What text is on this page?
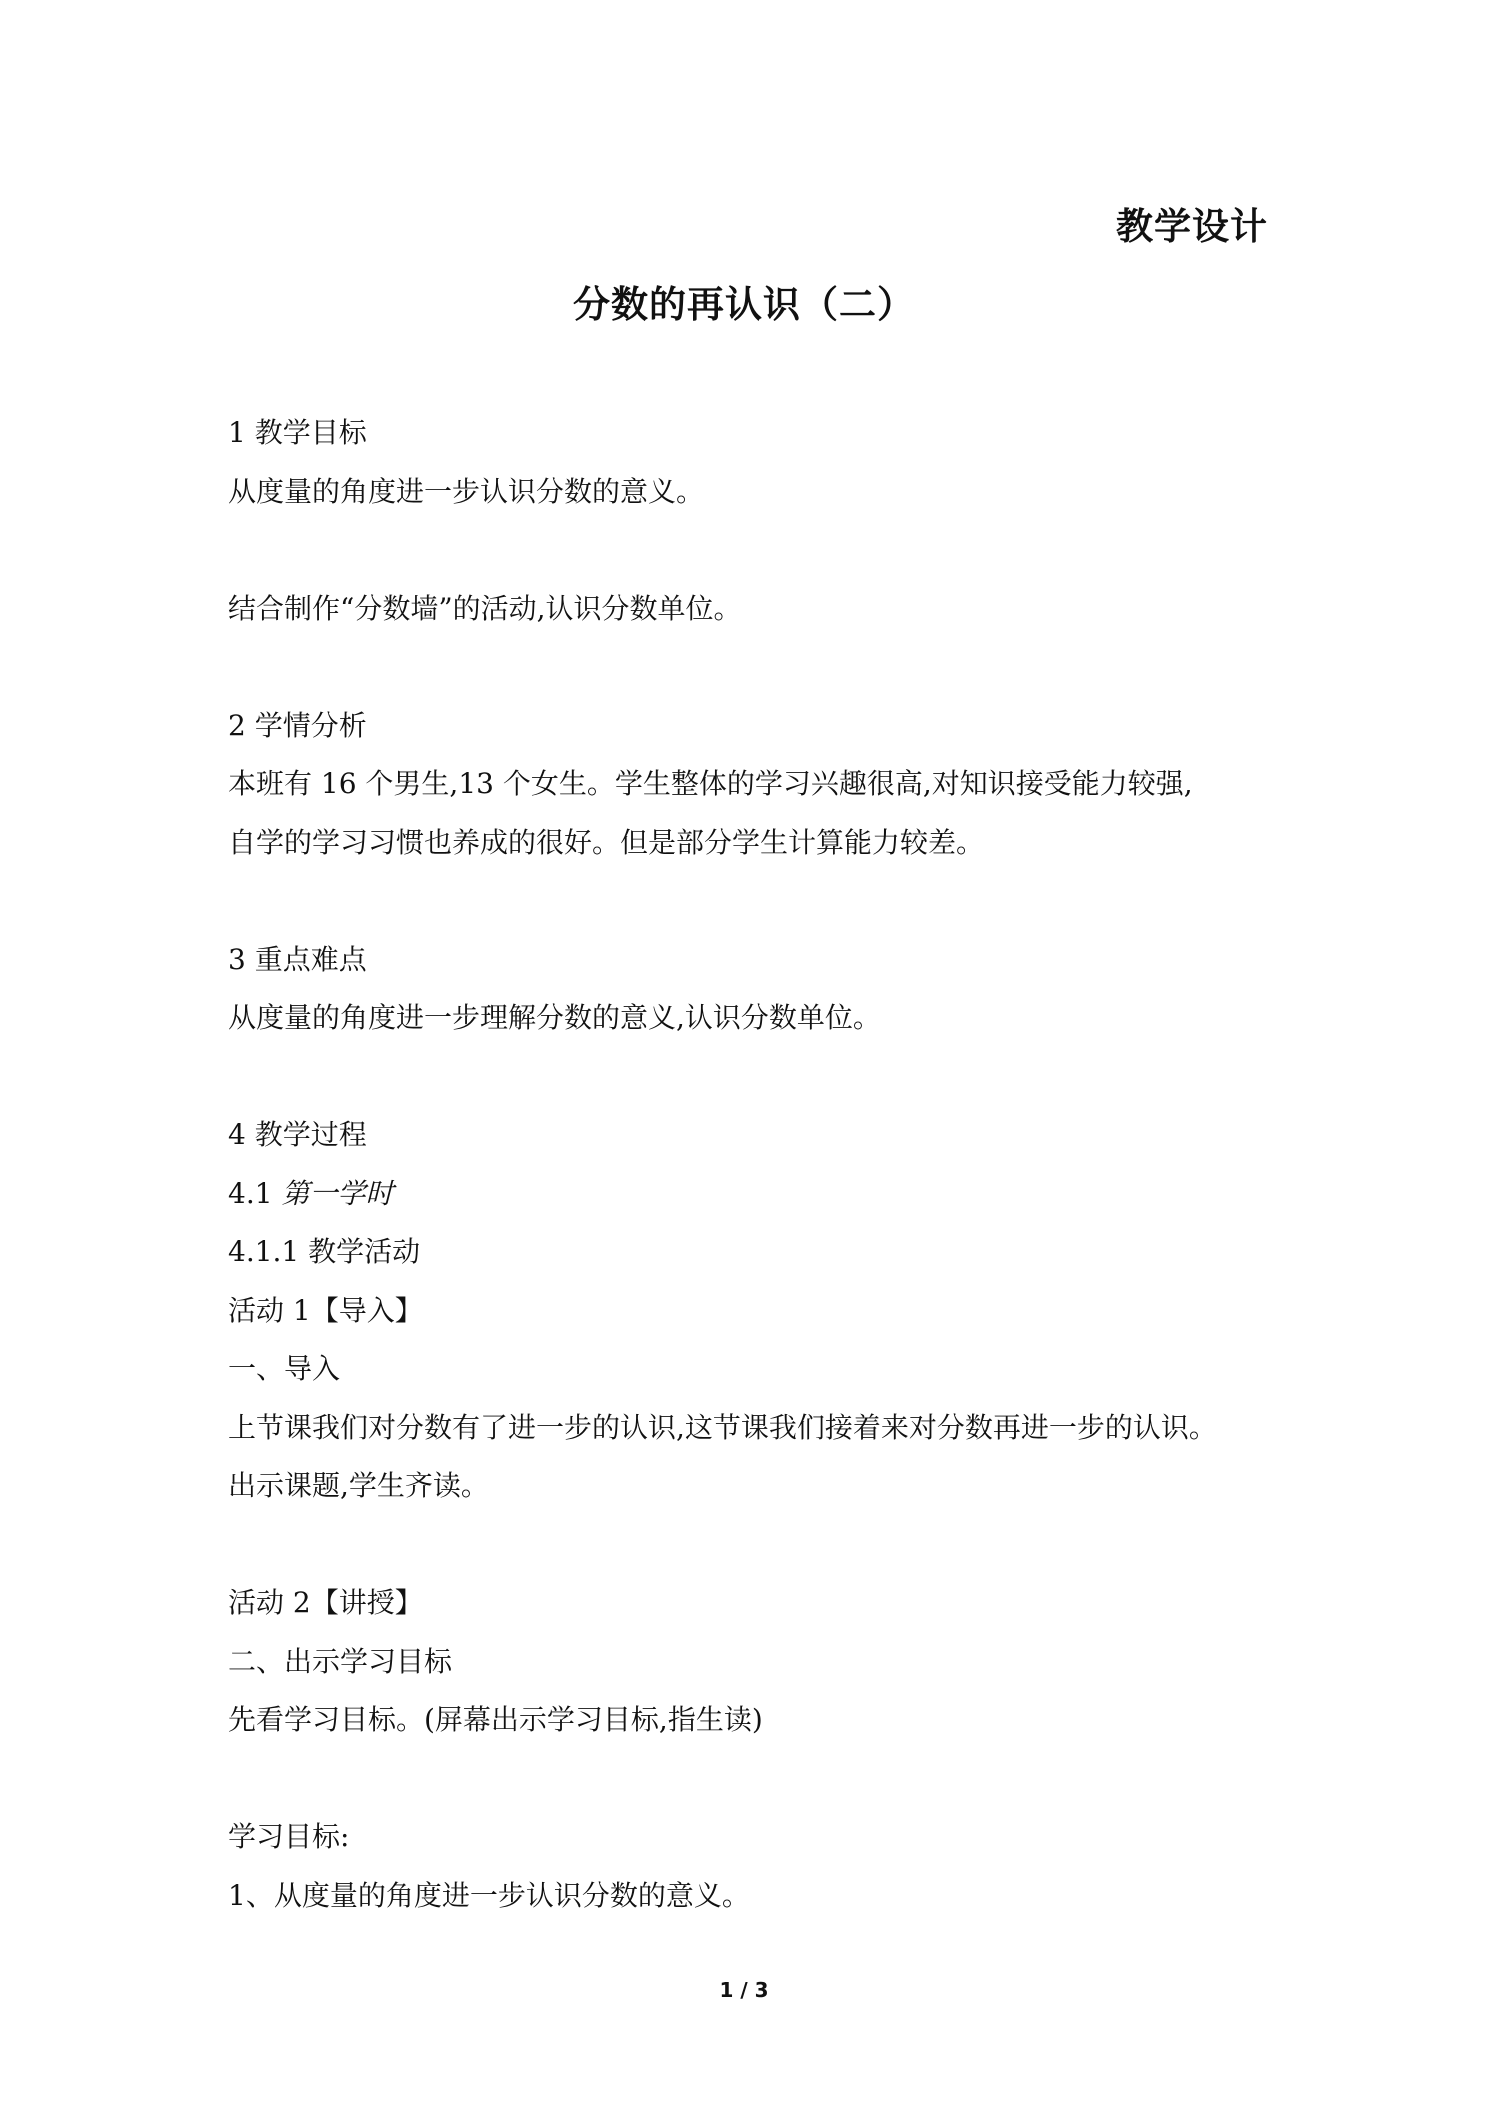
教学设计
分数的再认识（二）
1 教学目标
从度量的角度进一步认识分数的意义。
结合制作“分数墙”的活动,认识分数单位。
2 学情分析
本班有 16 个男生,13 个女生。学生整体的学习兴趣很高,对知识接受能力较强,
自学的学习习惯也养成的很好。但是部分学生计算能力较差。
3 重点难点
从度量的角度进一步理解分数的意义,认识分数单位。
4 教学过程
4.1 第一学时
4.1.1 教学活动
活动 1【导入】
一、导入
上节课我们对分数有了进一步的认识,这节课我们接着来对分数再进一步的认识。
出示课题,学生齐读。
活动 2【讲授】
二、出示学习目标
先看学习目标。(屏幕出示学习目标,指生读)
学习目标:
1、从度量的角度进一步认识分数的意义。
1 / 3
